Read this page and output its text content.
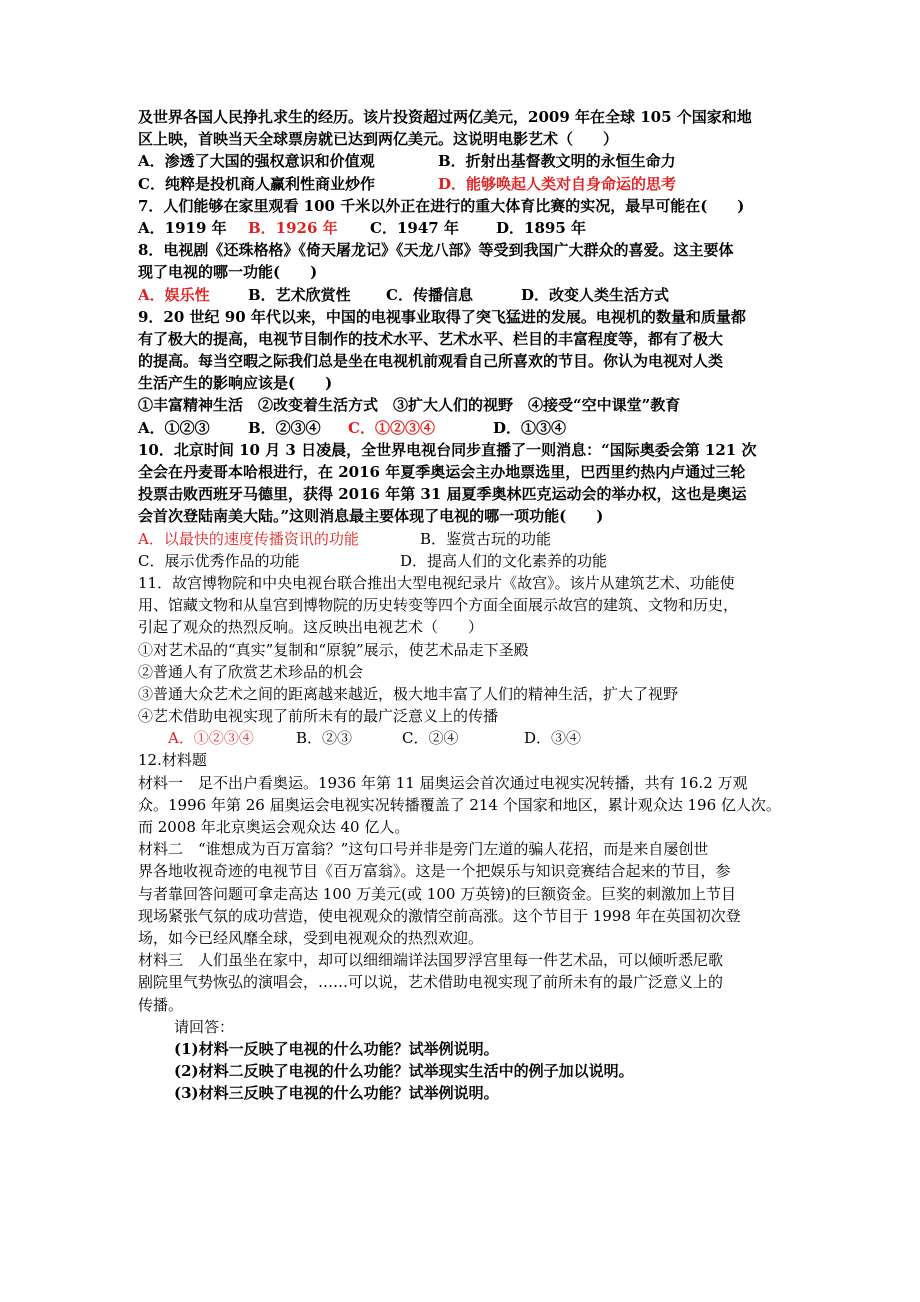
及世界各国人民挣扎求生的经历。该片投资超过两亿美元，2009 年在全球 105 个国家和地

区上映，首映当天全球票房就已达到两亿美元。这说明电影艺术（　　）

A．渗透了大国的强权意识和价值观	B．折射出基督教文明的永恒生命力
C．纯粹是投机商人赢利性商业炒作	D．能够唤起人类对自身命运的思考

7．人们能够在家里观看 100 千米以外正在进行的重大体育比赛的实况，最早可能在(　　)

A．1919 年	B．1926 年	C．1947 年	D．1895 年

8．电视剧《还珠格格》《倚天屠龙记》《天龙八部》等受到我国广大群众的喜爱。这主要体

现了电视的哪一功能(　　)

A．娱乐性	B．艺术欣赏性	C．传播信息	D．改变人类生活方式

9．20 世纪 90 年代以来，中国的电视事业取得了突飞猛进的发展。电视机的数量和质量都

有了极大的提高，电视节目制作的技术水平、艺术水平、栏目的丰富程度等，都有了极大

的提高。每当空暇之际我们总是坐在电视机前观看自己所喜欢的节目。你认为电视对人类

生活产生的影响应该是(　　)

①丰富精神生活　②改变着生活方式　③扩大人们的视野　④接受“空中课堂”教育

A．①②③	B．②③④	C．①②③④	D．①③④

10．北京时间 10 月 3 日凌晨，全世界电视台同步直播了一则消息：“国际奥委会第 121 次

全会在丹麦哥本哈根进行，在 2016 年夏季奥运会主办地票选里，巴西里约热内卢通过三轮

投票击败西班牙马德里，获得 2016 年第 31 届夏季奥林匹克运动会的举办权，这也是奥运

会首次登陆南美大陆。”这则消息最主要体现了电视的哪一项功能(　　)

A．以最快的速度传播资讯的功能	B．鉴赏古玩的功能
C．展示优秀作品的功能	D．提高人们的文化素养的功能

11．故宫博物院和中央电视台联合推出大型电视纪录片《故宫》。该片从建筑艺术、功能使

用、馆藏文物和从皇宫到博物院的历史转变等四个方面全面展示故宫的建筑、文物和历史，

引起了观众的热烈反响。这反映出电视艺术（　　）

①对艺术品的“真实”复制和“原貌”展示，使艺术品走下圣殿

②普通人有了欣赏艺术珍品的机会

③普通大众艺术之间的距离越来越近，极大地丰富了人们的精神生活，扩大了视野

④艺术借助电视实现了前所未有的最广泛意义上的传播

A．①②③④	B．②③	C．②④	D．③④

12.材料题

材料一　足不出户看奥运。1936 年第 11 届奥运会首次通过电视实况转播，共有 16.2 万观

众。1996 年第 26 届奥运会电视实况转播覆盖了 214 个国家和地区，累计观众达 196 亿人次。

而 2008 年北京奥运会观众达 40 亿人。

材料二　“谁想成为百万富翁？”这句口号并非是旁门左道的骗人花招，而是来自屡创世

界各地收视奇迹的电视节目《百万富翁》。这是一个把娱乐与知识竞赛结合起来的节目，参

与者靠回答问题可拿走高达 100 万美元(或 100 万英镑)的巨额资金。巨奖的刺激加上节目

现场紧张气氛的成功营造，使电视观众的激情空前高涨。这个节目于 1998 年在英国初次登

场，如今已经风靡全球，受到电视观众的热烈欢迎。

材料三　人们虽坐在家中，却可以细细端详法国罗浮宫里每一件艺术品，可以倾听悉尼歌

剧院里气势恢弘的演唱会，……可以说，艺术借助电视实现了前所未有的最广泛意义上的

传播。

请回答：

(1)材料一反映了电视的什么功能？试举例说明。

(2)材料二反映了电视的什么功能？试举现实生活中的例子加以说明。

(3)材料三反映了电视的什么功能？试举例说明。
